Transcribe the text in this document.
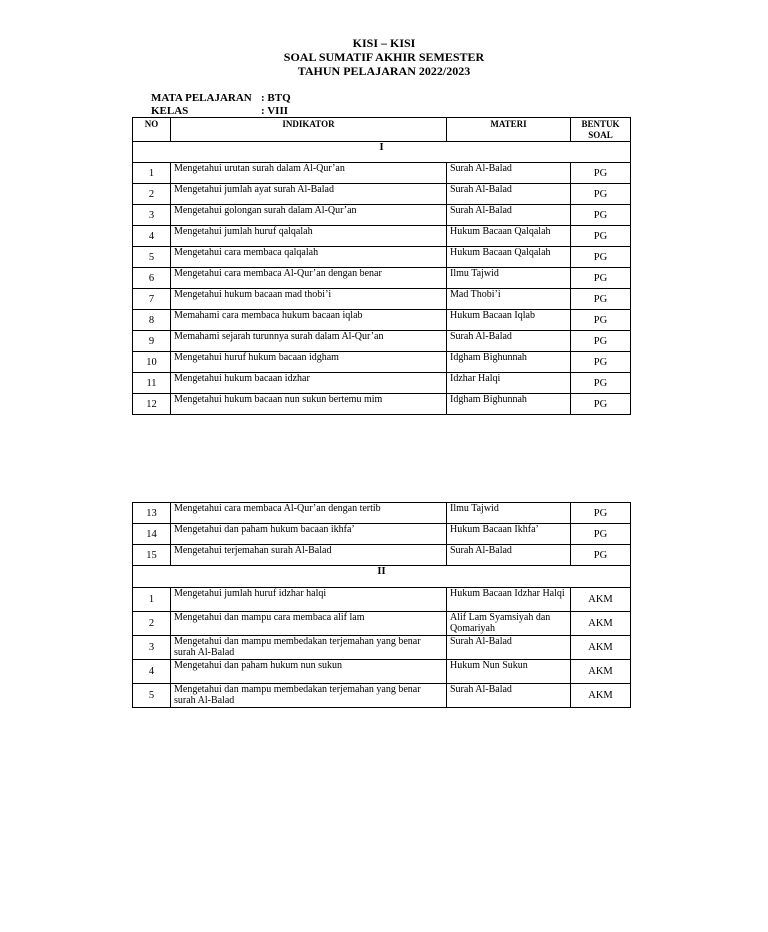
KISI – KISI
SOAL SUMATIF AKHIR SEMESTER
TAHUN PELAJARAN 2022/2023
MATA PELAJARAN : BTQ
KELAS	: VIII
NO	INDIKATOR	MATERI	BENTUK
SOAL
I			
1	Mengetahui urutan surah dalam Al-Qur’an	Surah Al-Balad	PG
2	Mengetahui jumlah ayat surah Al-Balad	Surah Al-Balad	PG
3	Mengetahui golongan surah dalam Al-Qur’an	Surah Al-Balad	PG
4	Mengetahui jumlah huruf qalqalah	Hukum Bacaan Qalqalah	PG
5	Mengetahui cara membaca qalqalah	Hukum Bacaan Qalqalah	PG
6	Mengetahui cara membaca Al-Qur’an dengan benar	Ilmu Tajwid	PG
7	Mengetahui hukum bacaan mad thobi’i	Mad Thobi’i	PG
8	Memahami cara membaca hukum bacaan iqlab	Hukum Bacaan Iqlab	PG
9	Memahami sejarah turunnya surah dalam Al-Qur’an	Surah Al-Balad	PG
10	Mengetahui huruf hukum bacaan idgham	Idgham Bighunnah	PG
11	Mengetahui hukum bacaan idzhar	Idzhar Halqi	PG
12	Mengetahui hukum bacaan nun sukun bertemu mim	Idgham Bighunnah	PG
13	Mengetahui cara membaca Al-Qur’an dengan tertib	Ilmu Tajwid	PG
14	Mengetahui dan paham hukum bacaan ikhfa’	Hukum Bacaan Ikhfa’	PG
15	Mengetahui terjemahan surah Al-Balad	Surah Al-Balad	PG
II			
1	Mengetahui jumlah huruf idzhar halqi	Hukum Bacaan Idzhar Halqi	AKM
2	Mengetahui dan mampu cara membaca alif lam	Alif Lam Syamsiyah dan Qomariyah	AKM
3	Mengetahui dan mampu membedakan terjemahan yang benar surah Al-Balad	Surah Al-Balad	AKM
4	Mengetahui dan paham hukum nun sukun	Hukum Nun Sukun	AKM
5	Mengetahui dan mampu membedakan terjemahan yang benar surah Al-Balad	Surah Al-Balad	AKM
